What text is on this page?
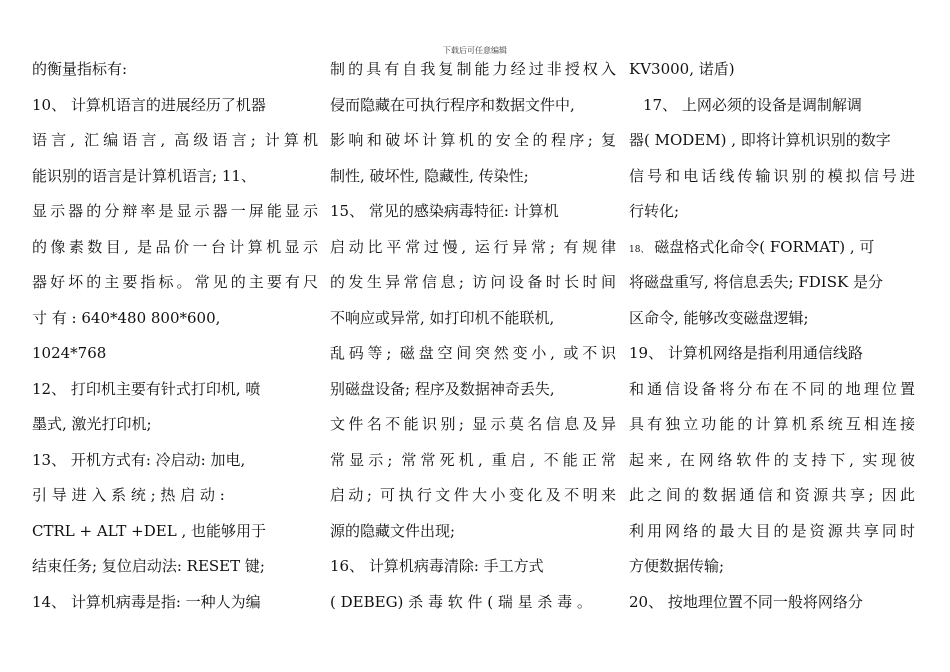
下载后可任意编辑
的衡量指标有:
10、 计算机语言的进展经历了机器
语言, 汇编语言, 高级语言; 计算机
能识别的语言是计算机语言; 11、
显示器的分辩率是显示器一屏能显示
的像素数目, 是品价一台计算机显示
器好坏的主要指标。常见的主要有尺
寸 有 : 640*480 800*600,
1024*768
12、 打印机主要有针式打印机, 喷
墨式, 激光打印机;
13、 开机方式有: 冷启动: 加电,
引 导 进 入 系 统 ; 热 启 动 :
CTRL + ALT +DEL , 也能够用于
结束任务; 复位启动法: RESET 键;
14、 计算机病毒是指: 一种人为编
制的具有自我复制能力经过非授权入
侵而隐藏在可执行程序和数据文件中,
影响和破坏计算机的安全的程序; 复
制性, 破坏性, 隐藏性, 传染性;
15、 常见的感染病毒特征: 计算机
启动比平常过慢, 运行异常; 有规律
的发生异常信息; 访问设备时长时间
不响应或异常, 如打印机不能联机,
乱码等; 磁盘空间突然变小, 或不识
别磁盘设备; 程序及数据神奇丢失,
文件名不能识别; 显示莫名信息及异
常显示; 常常死机, 重启, 不能正常
启动; 可执行文件大小变化及不明来
源的隐藏文件出现;
16、 计算机病毒清除: 手工方式
( DEBEG) 杀 毒 软 件 ( 瑞 星 杀 毒 。
KV3000, 诺盾)
17、 上网必须的设备是调制解调
器( MODEM) , 即将计算机识别的数字
信号和电话线传输识别的模拟信号进
行转化;
18、 磁盘格式化命令( FORMAT) , 可
将磁盘重写, 将信息丢失; FDISK 是分
区命令, 能够改变磁盘逻辑;
19、 计算机网络是指利用通信线路
和通信设备将分布在不同的地理位置
具有独立功能的计算机系统互相连接
起来, 在网络软件的支持下, 实现彼
此之间的数据通信和资源共享; 因此
利用网络的最大目的是资源共享同时
方便数据传输;
20、 按地理位置不同一般将网络分
